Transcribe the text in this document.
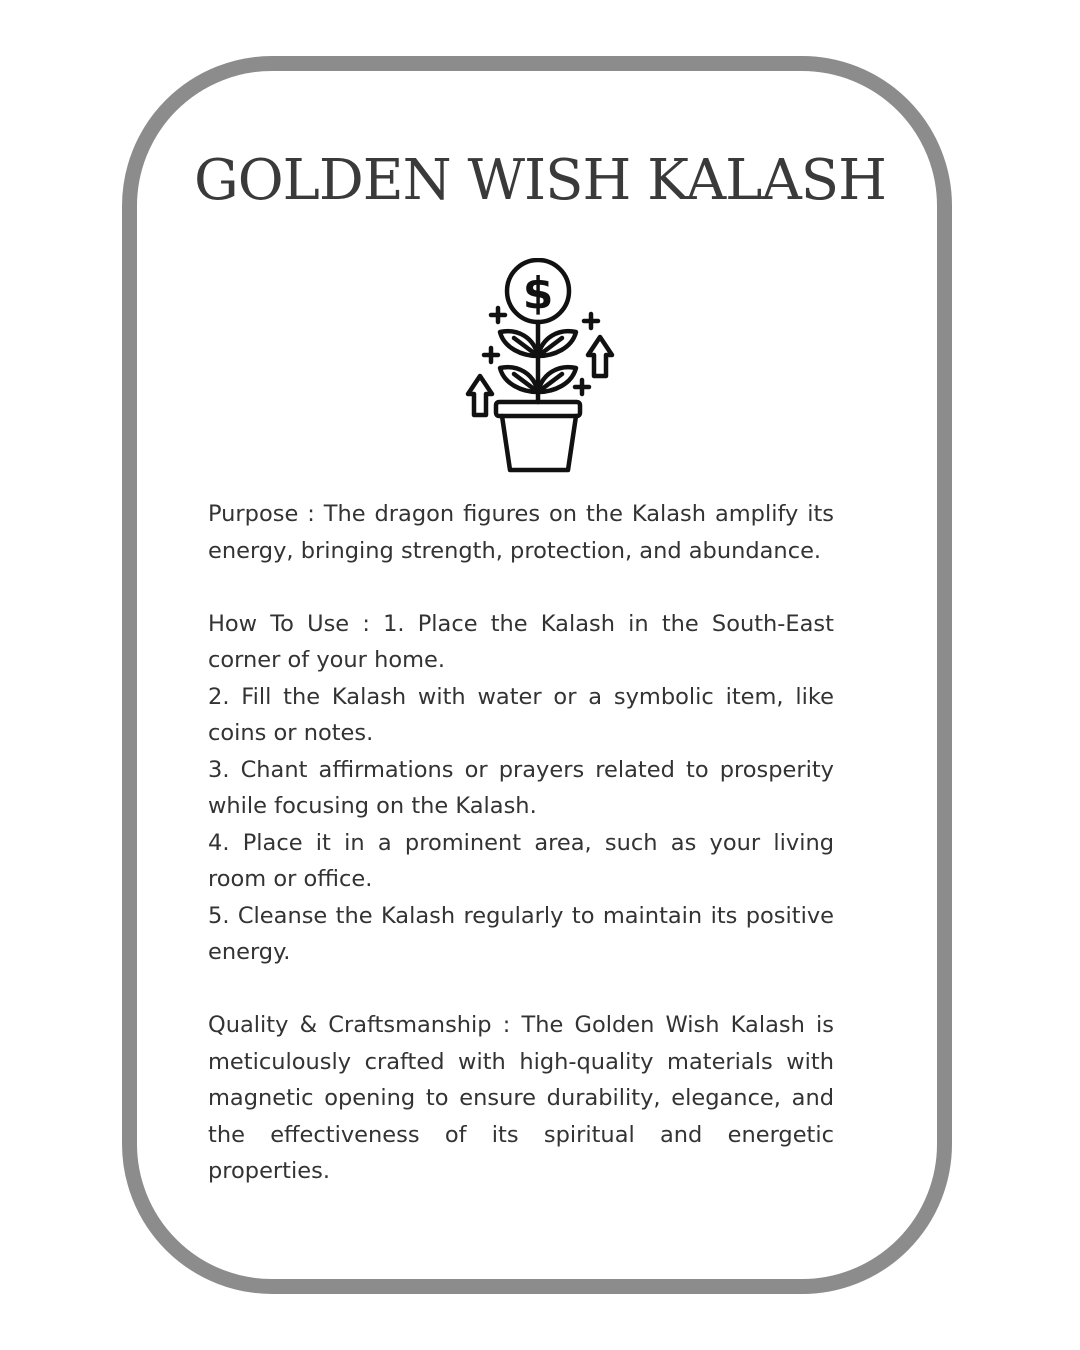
GOLDEN WISH KALASH
$

Purpose : The dragon figures on the Kalash amplify its energy, bringing strength, protection, and abundance.

How To Use : 1. Place the Kalash in the South-East corner of your home.

2. Fill the Kalash with water or a symbolic item, like coins or notes.

3. Chant affirmations or prayers related to prosperity while focusing on the Kalash.

4. Place it in a prominent area, such as your living room or office.

5. Cleanse the Kalash regularly to maintain its positive energy.

Quality & Craftsmanship : The Golden Wish Kalash is meticulously crafted with high-quality materials with magnetic opening to ensure durability, elegance, and the effectiveness of its spiritual and energetic properties.
